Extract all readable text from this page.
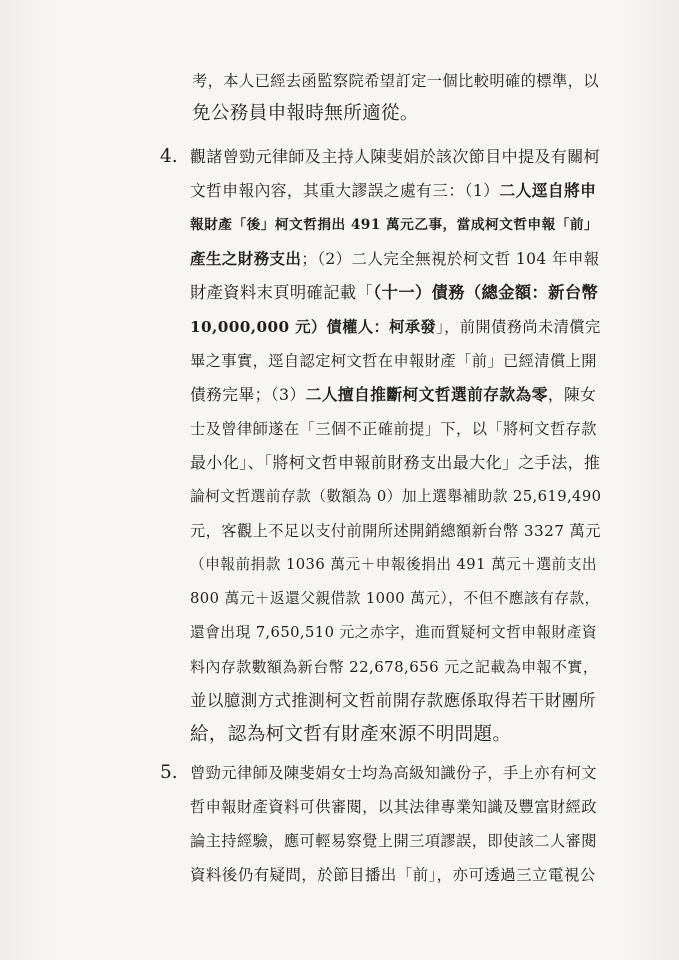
考，本人已經去函監察院希望訂定一個比較明確的標準，以
免公務員申報時無所適從。
4. 觀諸曾勁元律師及主持人陳斐娟於該次節目中提及有關柯
文哲申報內容，其重大謬誤之處有三：（1）二人逕自將申
報財產「後」柯文哲捐出 491 萬元乙事，當成柯文哲申報「前」
產生之財務支出；（2）二人完全無視於柯文哲 104 年申報
財產資料末頁明確記載「（十一）債務（總金額：新台幣
10,000,000 元）債權人：柯承發」，前開債務尚未清償完
畢之事實，逕自認定柯文哲在申報財產「前」已經清償上開
債務完畢；（3）二人擅自推斷柯文哲選前存款為零，陳女
士及曾律師遂在「三個不正確前提」下，以「將柯文哲存款
最小化」、「將柯文哲申報前財務支出最大化」之手法，推
論柯文哲選前存款（數額為 0）加上選舉補助款 25,619,490
元，客觀上不足以支付前開所述開銷總額新台幣 3327 萬元
（申報前捐款 1036 萬元＋申報後捐出 491 萬元＋選前支出
800 萬元＋返還父親借款 1000 萬元），不但不應該有存款，
還會出現 7,650,510 元之赤字，進而質疑柯文哲申報財產資
料內存款數額為新台幣 22,678,656 元之記載為申報不實，
並以臆測方式推測柯文哲前開存款應係取得若干財團所
給，認為柯文哲有財產來源不明問題。
5. 曾勁元律師及陳斐娟女士均為高級知識份子，手上亦有柯文
哲申報財產資料可供審閱，以其法律專業知識及豐富財經政
論主持經驗，應可輕易察覺上開三項謬誤，即使該二人審閱
資料後仍有疑問，於節目播出「前」，亦可透過三立電視公
